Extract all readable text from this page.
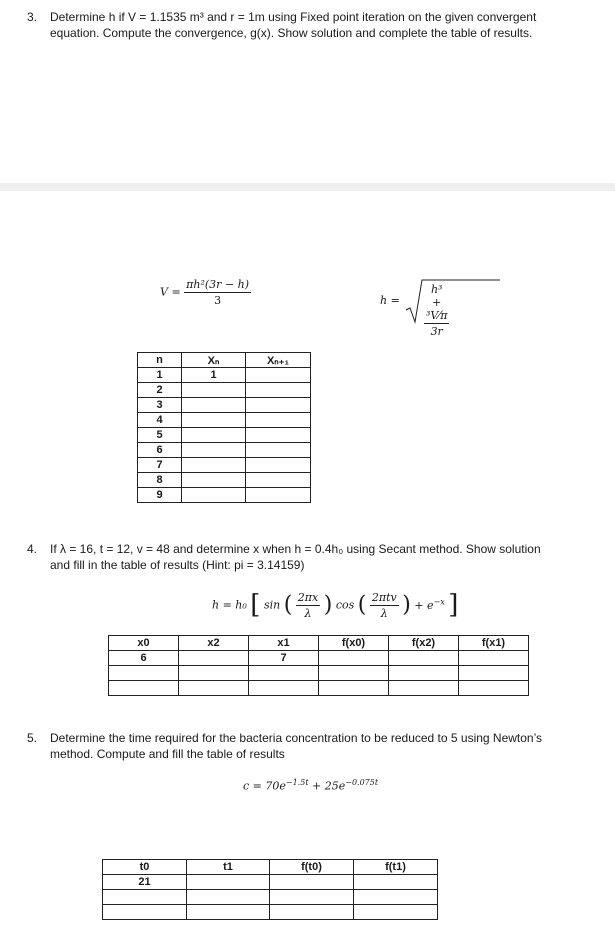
3. Determine h if V = 1.1535 m³ and r = 1m using Fixed point iteration on the given convergent
equation. Compute the convergence, g(x). Show solution and complete the table of results.
$V = \frac{\text{πh²(3r − h)}}{3}$	$h = \frac{\text{h³ + ³V⁄π}}{3r}$
n	Xₙ	Xₙ₊₁
1	1	
2		
3		
4		
5		
6		
7		
8		
9		
4. If λ = 16, t = 12, v = 48 and determine x when h = 0.4h₀ using Secant method. Show solution
and fill in the table of results (Hint: pi = 3.14159)
h = h₀ [ sin ( $\frac{2\pi x}{\lambda}$ ) cos ( $\frac{\text{2πtv}}{\lambda}$ ) + $e^{-x}$ ]
x0	x2	x1	f(x0)	f(x2)	f(x1)
6		7			

5. Determine the time required for the bacteria concentration to be reduced to 5 using Newton’s
method. Compute and fill the table of results
$c = 70e^{-1.5t} + 25e^{-0.075t}$
t0	t1	f(t0)	f(t1)
21			
